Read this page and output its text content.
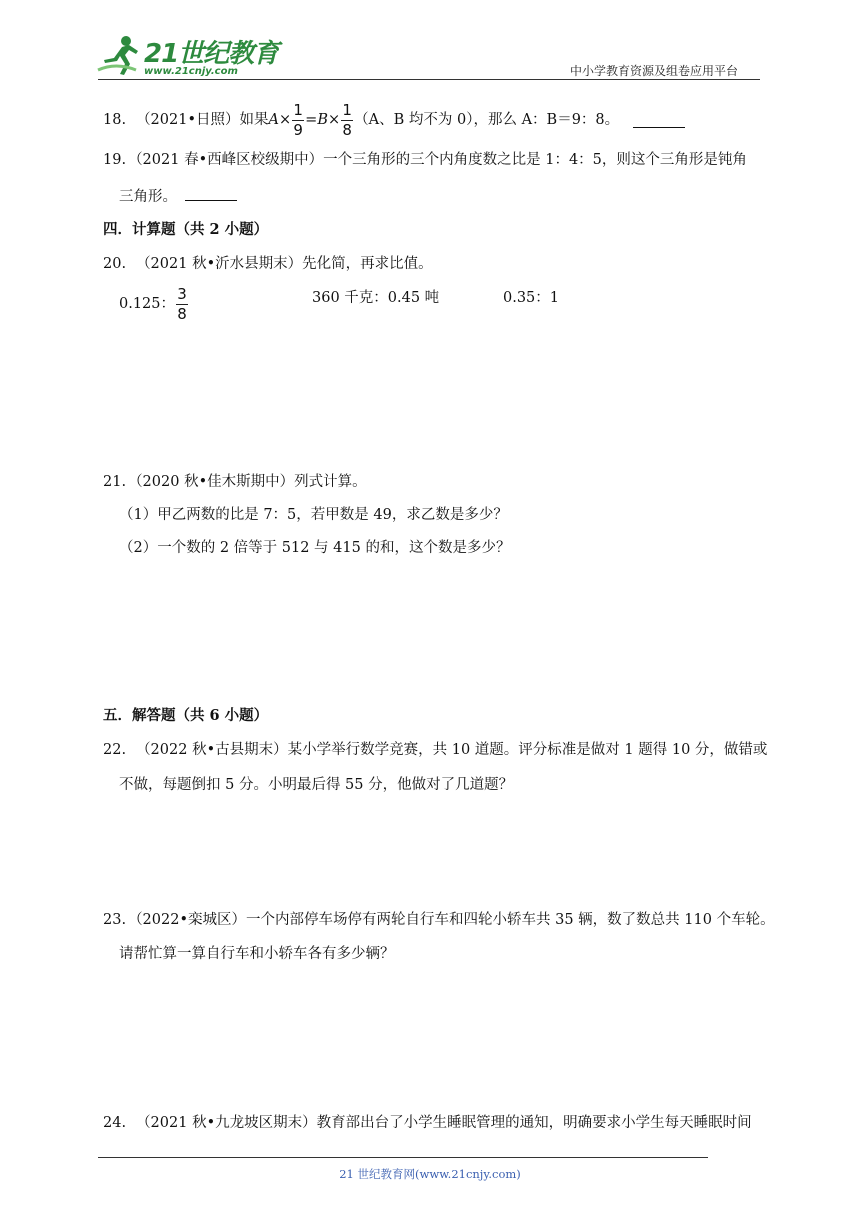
21世纪教育
www.21cnjy.com	中小学教育资源及组卷应用平台
18. （2021•日照） 如果 $A \times \frac{1}{9} = B \times \frac{1}{8} (A$、B 均不为 0），那么 A：B＝9：8。
19. （2021 春•西峰区校级期中）一个三角形的三个内角度数之比是 1：4：5，则这个三角形是钝角
三角形。
四．计算题（共 2 小题）
20. （2021 秋•沂水县期末）先化简，再求比值。
0.125： $\frac{3}{8}$	360 千克：0.45 吨	0.35：1
21. （2020 秋•佳木斯期中）列式计算。
（1）甲乙两数的比是 7：5，若甲数是 49，求乙数是多少？
（2）一个数的 2 倍等于 512 与 415 的和，这个数是多少？
五．解答题（共 6 小题）
22. （2022 秋•古县期末）某小学举行数学竞赛，共 10 道题。评分标准是做对 1 题得 10 分，做错或
不做，每题倒扣 5 分。小明最后得 55 分，他做对了几道题？
23. （2022•栾城区）一个内部停车场停有两轮自行车和四轮小轿车共 35 辆，数了数总共 110 个车轮。
请帮忙算一算自行车和小轿车各有多少辆？
24. （2021 秋•九龙坡区期末）教育部出台了小学生睡眠管理的通知，明确要求小学生每天睡眠时间
21 世纪教育网(www.21cnjy.com)
